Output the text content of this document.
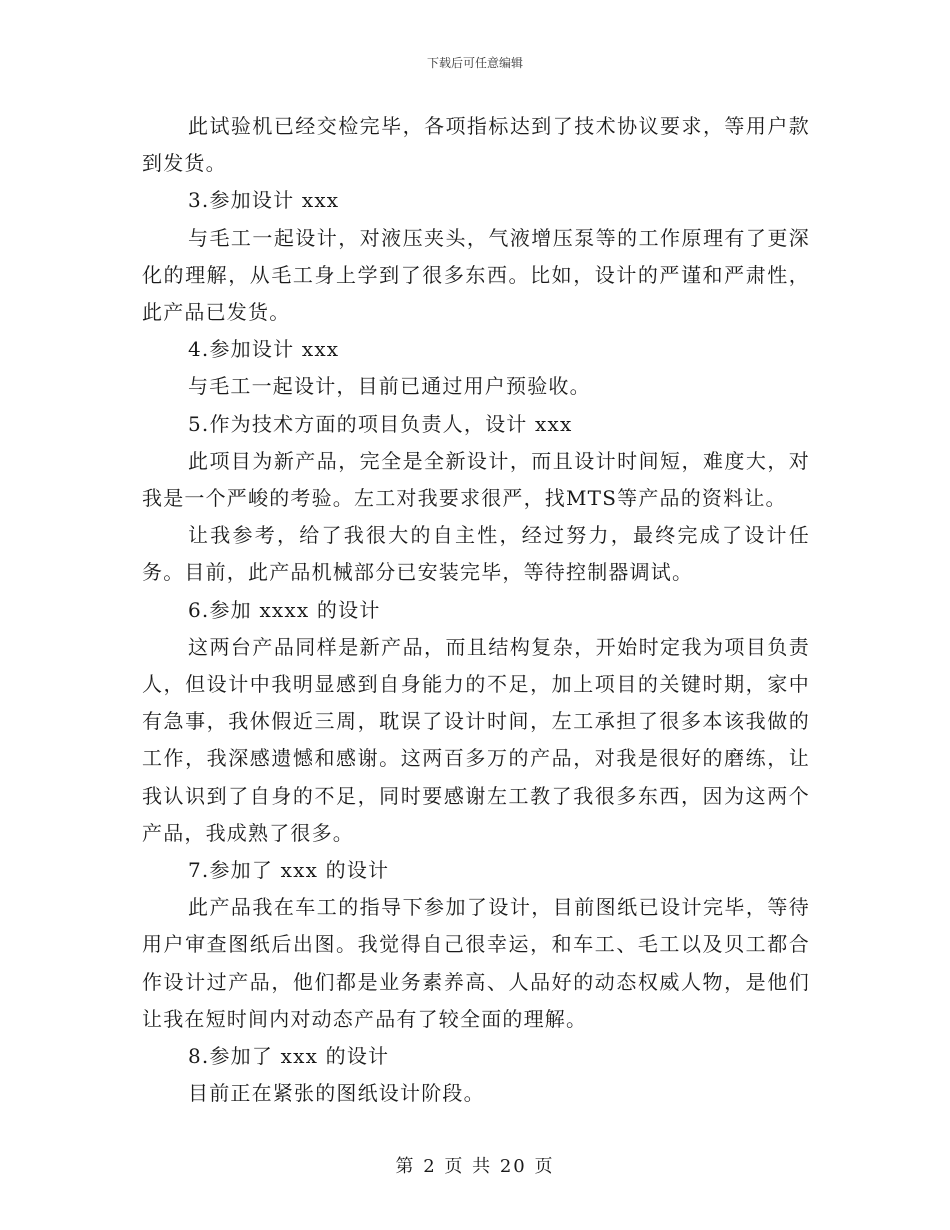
下载后可任意编辑

此试验机已经交检完毕，各项指标达到了技术协议要求，等用户款到发货。

3.参加设计 xxx

与毛工一起设计，对液压夹头，气液增压泵等的工作原理有了更深化的理解，从毛工身上学到了很多东西。比如，设计的严谨和严肃性，此产品已发货。

4.参加设计 xxx

与毛工一起设计，目前已通过用户预验收。

5.作为技术方面的项目负责人，设计 xxx

此项目为新产品，完全是全新设计，而且设计时间短，难度大，对我是一个严峻的考验。左工对我要求很严，找MTS等产品的资料让。

让我参考，给了我很大的自主性，经过努力，最终完成了设计任务。目前，此产品机械部分已安装完毕，等待控制器调试。

6.参加 xxxx 的设计

这两台产品同样是新产品，而且结构复杂，开始时定我为项目负责人，但设计中我明显感到自身能力的不足，加上项目的关键时期，家中有急事，我休假近三周，耽误了设计时间，左工承担了很多本该我做的工作，我深感遗憾和感谢。这两百多万的产品，对我是很好的磨练，让我认识到了自身的不足，同时要感谢左工教了我很多东西，因为这两个产品，我成熟了很多。

7.参加了 xxx 的设计

此产品我在车工的指导下参加了设计，目前图纸已设计完毕，等待用户审查图纸后出图。我觉得自己很幸运，和车工、毛工以及贝工都合作设计过产品，他们都是业务素养高、人品好的动态权威人物，是他们让我在短时间内对动态产品有了较全面的理解。

8.参加了 xxx 的设计

目前正在紧张的图纸设计阶段。

第 2 页 共 20 页
